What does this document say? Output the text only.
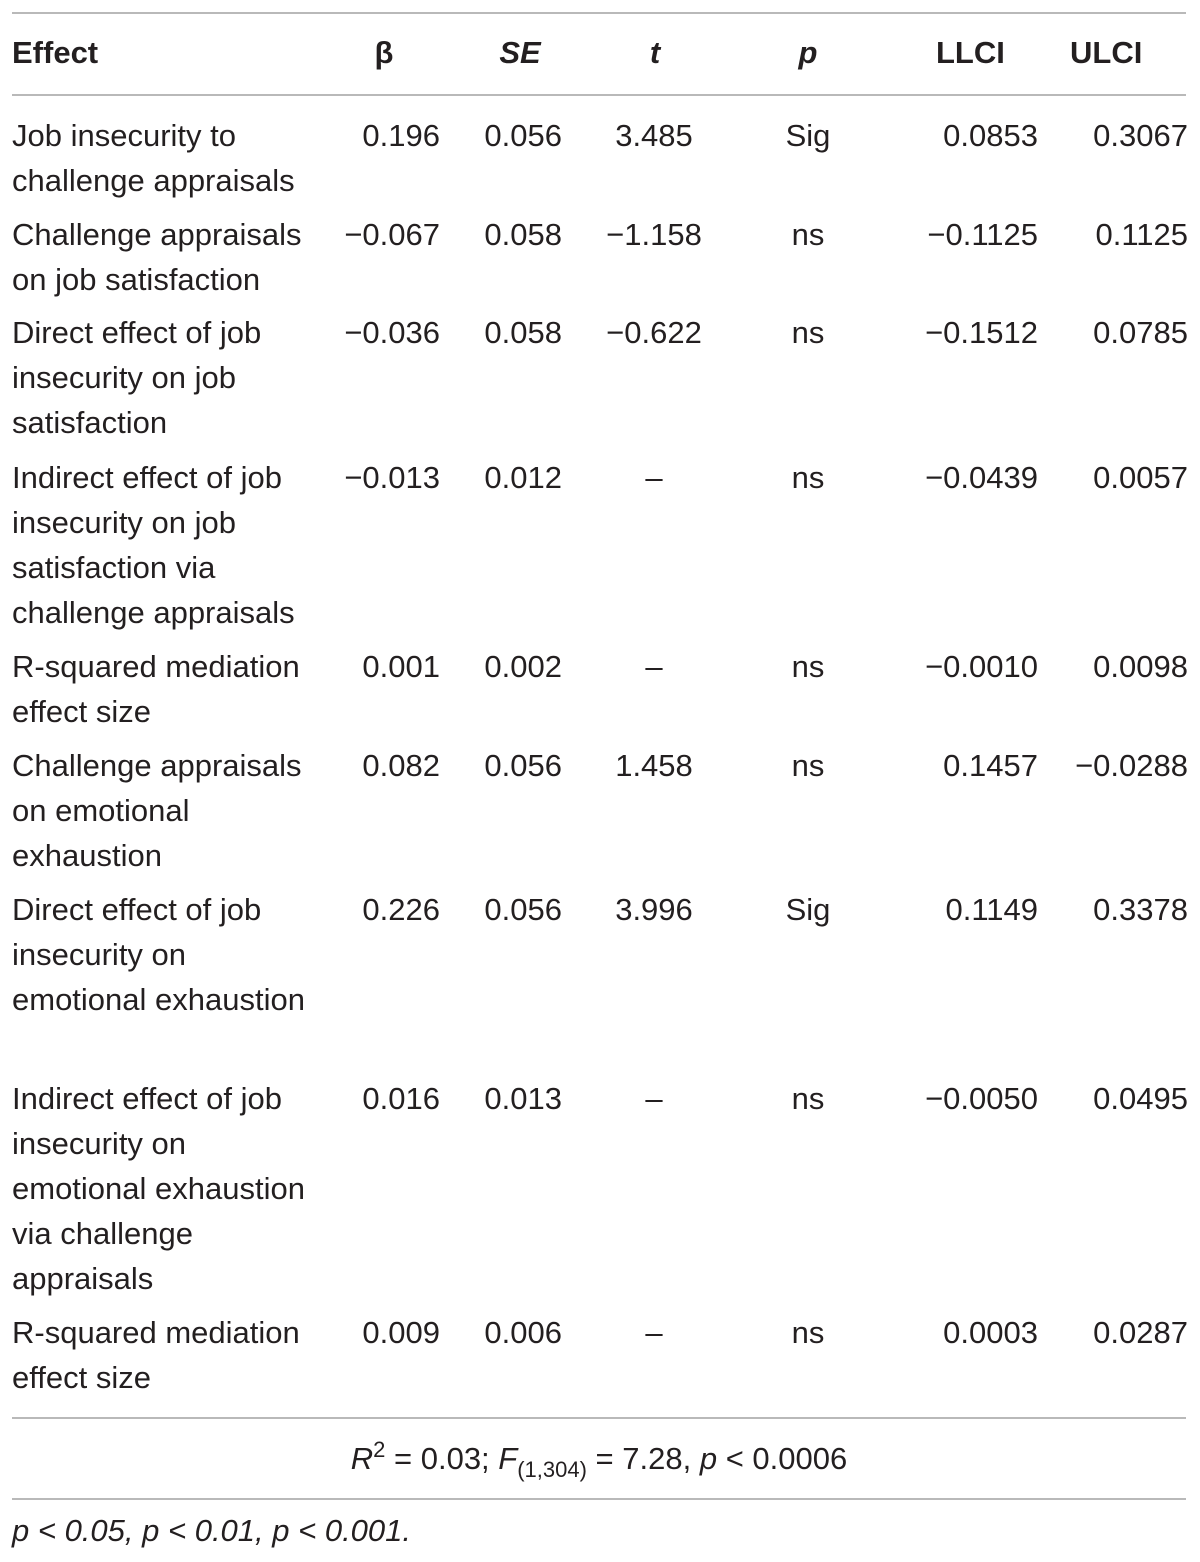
Effect	β	SE	t	p	LLCI ULCI
Job insecurity to challenge appraisals
0.196	0.056	3.485	Sig	0.0853	0.3067
Challenge appraisals on job satisfaction
−0.067	0.058	−1.158	ns	−0.1125	0.1125
Direct effect of job insecurity on job satisfaction
−0.036	0.058	−0.622	ns	−0.1512	0.0785
Indirect effect of job insecurity on job satisfaction via challenge appraisals
−0.013	0.012	–	ns	−0.0439	0.0057
R-squared mediation effect size
0.001	0.002	–	ns	−0.0010	0.0098
Challenge appraisals on emotional exhaustion
0.082	0.056	1.458	ns	0.1457	−0.0288
Direct effect of job insecurity on emotional exhaustion
0.226	0.056	3.996	Sig	0.1149	0.3378
Indirect effect of job insecurity on emotional exhaustion via challenge appraisals
0.016	0.013	–	ns	−0.0050	0.0495
R-squared mediation effect size
0.009	0.006	–	ns	0.0003	0.0287
$R^2 = 0.03$; $F_{(1,304)} = 7.28$, p < 0.0006
p < 0.05, p < 0.01, p < 0.001.
